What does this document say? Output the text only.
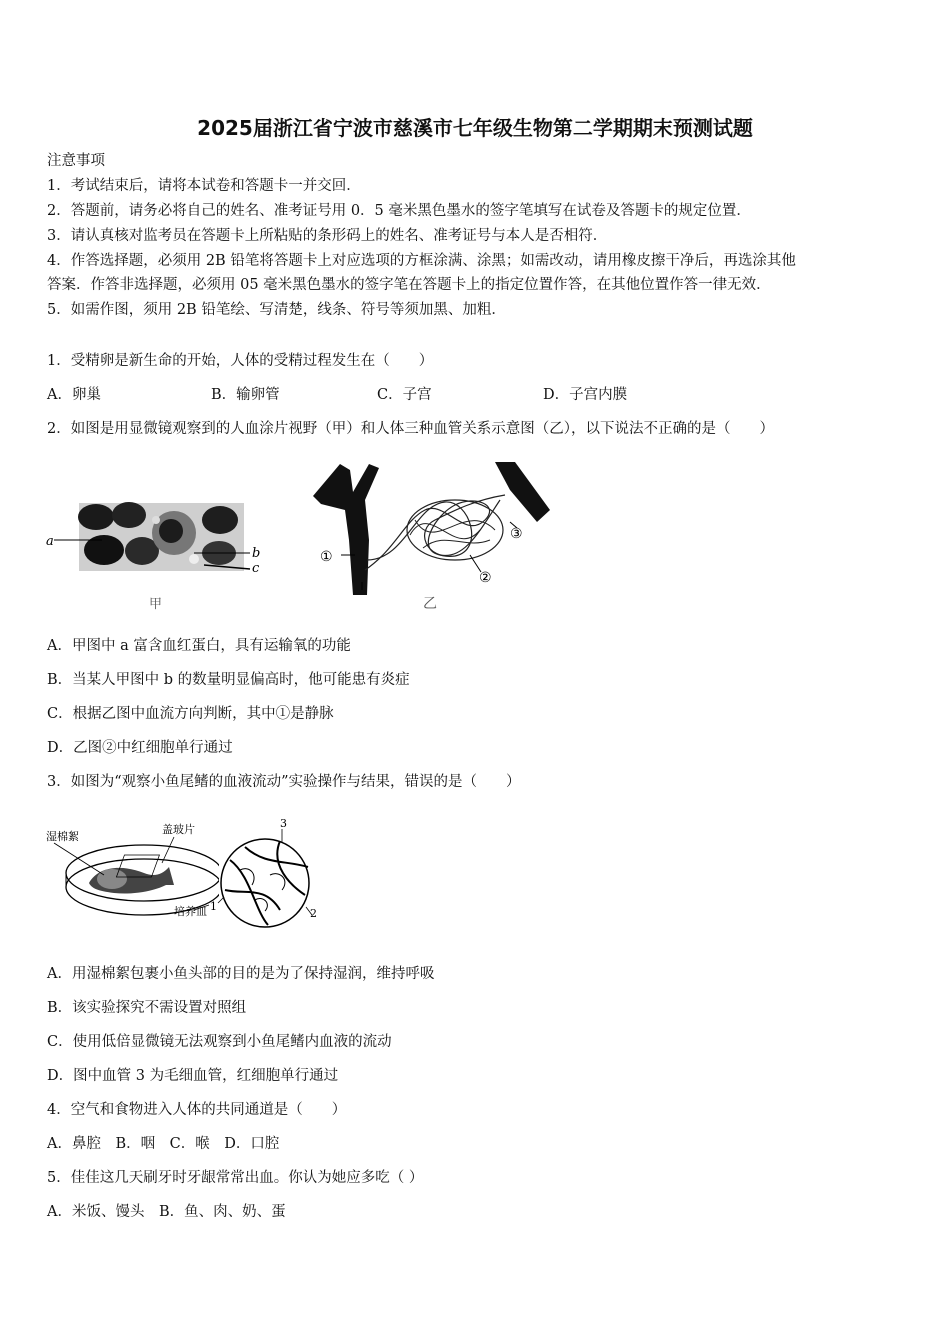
2025届浙江省宁波市慈溪市七年级生物第二学期期末预测试题
注意事项
1．考试结束后，请将本试卷和答题卡一并交回．
2．答题前，请务必将自己的姓名、准考证号用 0．5 毫米黑色墨水的签字笔填写在试卷及答题卡的规定位置．
3．请认真核对监考员在答题卡上所粘贴的条形码上的姓名、准考证号与本人是否相符．
4．作答选择题，必须用 2B 铅笔将答题卡上对应选项的方框涂满、涂黑；如需改动，请用橡皮擦干净后，再选涂其他
答案．作答非选择题，必须用 05 毫米黑色墨水的签字笔在答题卡上的指定位置作答，在其他位置作答一律无效．
5．如需作图，须用 2B 铅笔绘、写清楚，线条、符号等须加黑、加粗．
1．受精卵是新生命的开始，人体的受精过程发生在（　　）
A．卵巢	B．输卵管	C．子宫	D．子宫内膜
2．如图是用显微镜观察到的人血涂片视野（甲）和人体三种血管关系示意图（乙），以下说法不正确的是（　　）
a
b
c
甲
①
②
③
乙
A．甲图中 a 富含血红蛋白，具有运输氧的功能
B．当某人甲图中 b 的数量明显偏高时，他可能患有炎症
C．根据乙图中血流方向判断，其中①是静脉
D．乙图②中红细胞单行通过
3．如图为“观察小鱼尾鳍的血液流动”实验操作与结果，错误的是（　　）
湿棉絮
盖玻片
培养皿
3
1
2
A．用湿棉絮包裹小鱼头部的目的是为了保持湿润，维持呼吸
B．该实验探究不需设置对照组
C．使用低倍显微镜无法观察到小鱼尾鳍内血液的流动
D．图中血管 3 为毛细血管，红细胞单行通过
4．空气和食物进入人体的共同通道是（　　）
A．鼻腔　B．咽　C．喉　D．口腔
5．佳佳这几天刷牙时牙龈常常出血。你认为她应多吃（ ）
A．米饭、馒头　B．鱼、肉、奶、蛋
